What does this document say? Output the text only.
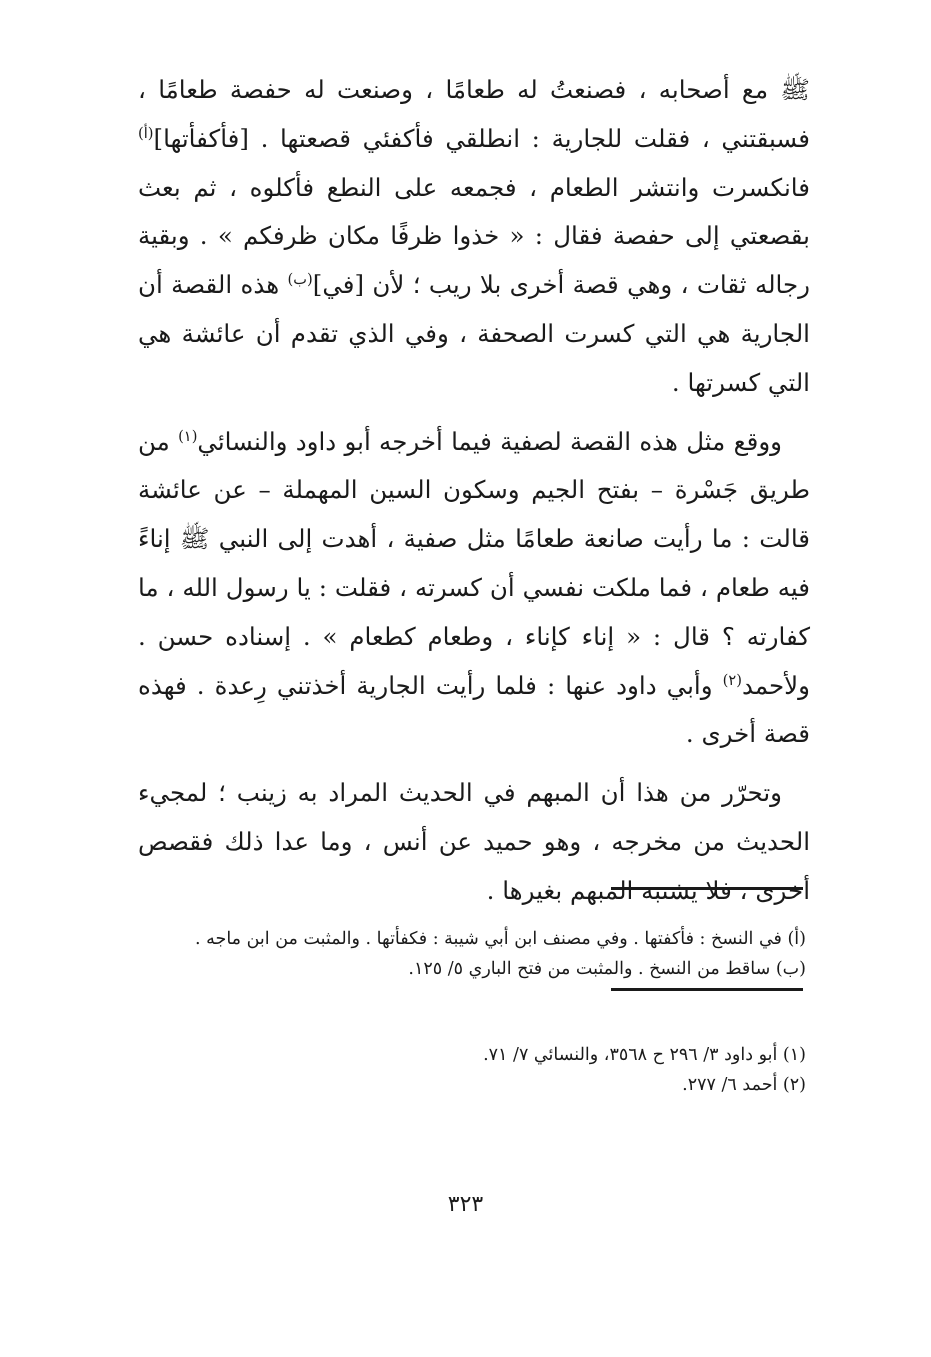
ﷺ مع أصحابه ، فصنعتُ له طعامًا ، وصنعت له حفصة طعامًا ، فسبقتني ، فقلت للجارية : انطلقي فأكفئي قصعتها . [فأكفأتها]$^{(أ)}$ فانكسرت وانتشر الطعام ، فجمعه على النطع فأكلوه ، ثم بعث بقصعتي إلى حفصة فقال : « خذوا ظرفًا مكان ظرفكم » . وبقية رجاله ثقات ، وهي قصة أخرى بلا ريب ؛ لأن [في]$^{(ب)}$ هذه القصة أن الجارية هي التي كسرت الصحفة ، وفي الذي تقدم أن عائشة هي التي كسرتها .

ووقع مثل هذه القصة لصفية فيما أخرجه أبو داود والنسائي$^{(١)}$ من طريق جَسْرة – بفتح الجيم وسكون السين المهملة – عن عائشة قالت : ما رأيت صانعة طعامًا مثل صفية ، أهدت إلى النبي ﷺ إناءً فيه طعام ، فما ملكت نفسي أن كسرته ، فقلت : يا رسول الله ، ما كفارته ؟ قال : « إناء كإناء ، وطعام كطعام » . إسناده حسن . ولأحمد$^{(٢)}$ وأبي داود عنها : فلما رأيت الجارية أخذتني رِعدة . فهذه قصة أخرى .

وتحرّر من هذا أن المبهم في الحديث المراد به زينب ؛ لمجيء الحديث من مخرجه ، وهو حميد عن أنس ، وما عدا ذلك فقصص أخرى ، فلا يشتبه المبهم بغيرها .

(أ) في النسخ : فأكفتها . وفي مصنف ابن أبي شيبة : فكفأتها . والمثبت من ابن ماجه .

(ب) ساقط من النسخ . والمثبت من فتح الباري ٥/ ١٢٥.

(١) أبو داود ٣/ ٢٩٦ ح ٣٥٦٨، والنسائي ٧/ ٧١.

(٢) أحمد ٦/ ٢٧٧.

٣٢٣
